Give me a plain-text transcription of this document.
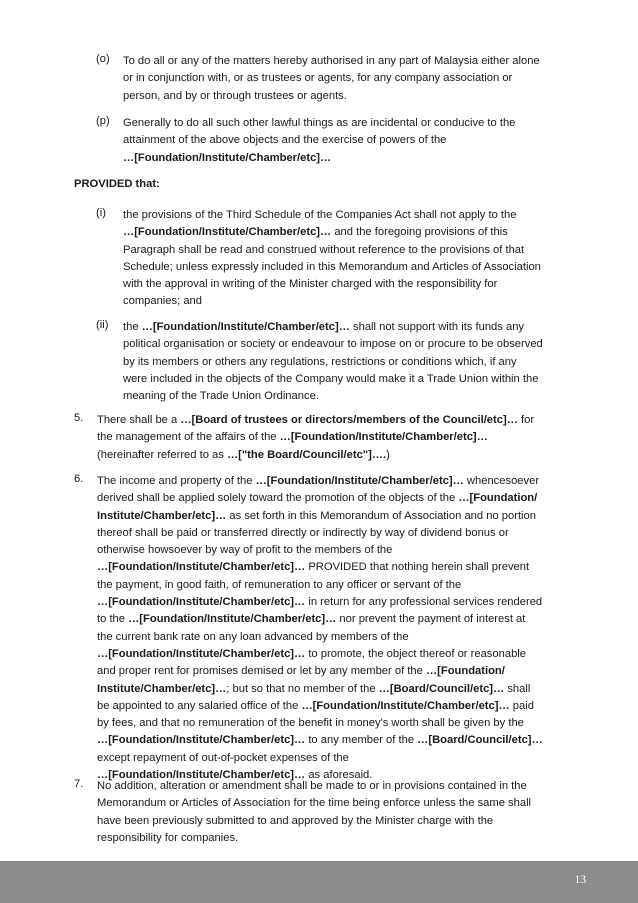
(o) To do all or any of the matters hereby authorised in any part of Malaysia either alone
or in conjunction with, or as trustees or agents, for any company association or
person, and by or through trustees or agents.
(p) Generally to do all such other lawful things as are incidental or conducive to the
attainment of the above objects and the exercise of powers of the
…[Foundation/Institute/Chamber/etc]…
PROVIDED that:
(i) the provisions of the Third Schedule of the Companies Act shall not apply to the
…[Foundation/Institute/Chamber/etc]… and the foregoing provisions of this
Paragraph shall be read and construed without reference to the provisions of that
Schedule; unless expressly included in this Memorandum and Articles of Association
with the approval in writing of the Minister charged with the responsibility for
companies; and
(ii) the …[Foundation/Institute/Chamber/etc]… shall not support with its funds any
political organisation or society or endeavour to impose on or procure to be observed
by its members or others any regulations, restrictions or conditions which, if any
were included in the objects of the Company would make it a Trade Union within the
meaning of the Trade Union Ordinance.
5. There shall be a …[Board of trustees or directors/members of the Council/etc]… for
the management of the affairs of the …[Foundation/Institute/Chamber/etc]…
(hereinafter referred to as …["the Board/Council/etc"]….)
6. The income and property of the …[Foundation/Institute/Chamber/etc]… whencesoever
derived shall be applied solely toward the promotion of the objects of the …[Foundation/
Institute/Chamber/etc]… as set forth in this Memorandum of Association and no portion
thereof shall be paid or transferred directly or indirectly by way of dividend bonus or
otherwise howsoever by way of profit to the members of the
…[Foundation/Institute/Chamber/etc]… PROVIDED that nothing herein shall prevent
the payment, in good faith, of remuneration to any officer or servant of the
…[Foundation/Institute/Chamber/etc]… in return for any professional services rendered
to the …[Foundation/Institute/Chamber/etc]… nor prevent the payment of interest at
the current bank rate on any loan advanced by members of the
…[Foundation/Institute/Chamber/etc]… to promote, the object thereof or reasonable
and proper rent for promises demised or let by any member of the …[Foundation/
Institute/Chamber/etc]…; but so that no member of the …[Board/Council/etc]… shall
be appointed to any salaried office of the …[Foundation/Institute/Chamber/etc]… paid
by fees, and that no remuneration of the benefit in money's worth shall be given by the
…[Foundation/Institute/Chamber/etc]… to any member of the …[Board/Council/etc]…
except repayment of out-of-pocket expenses of the
…[Foundation/Institute/Chamber/etc]… as aforesaid.
7. No addition, alteration or amendment shall be made to or in provisions contained in the
Memorandum or Articles of Association for the time being enforce unless the same shall
have been previously submitted to and approved by the Minister charge with the
responsibility for companies.
13
